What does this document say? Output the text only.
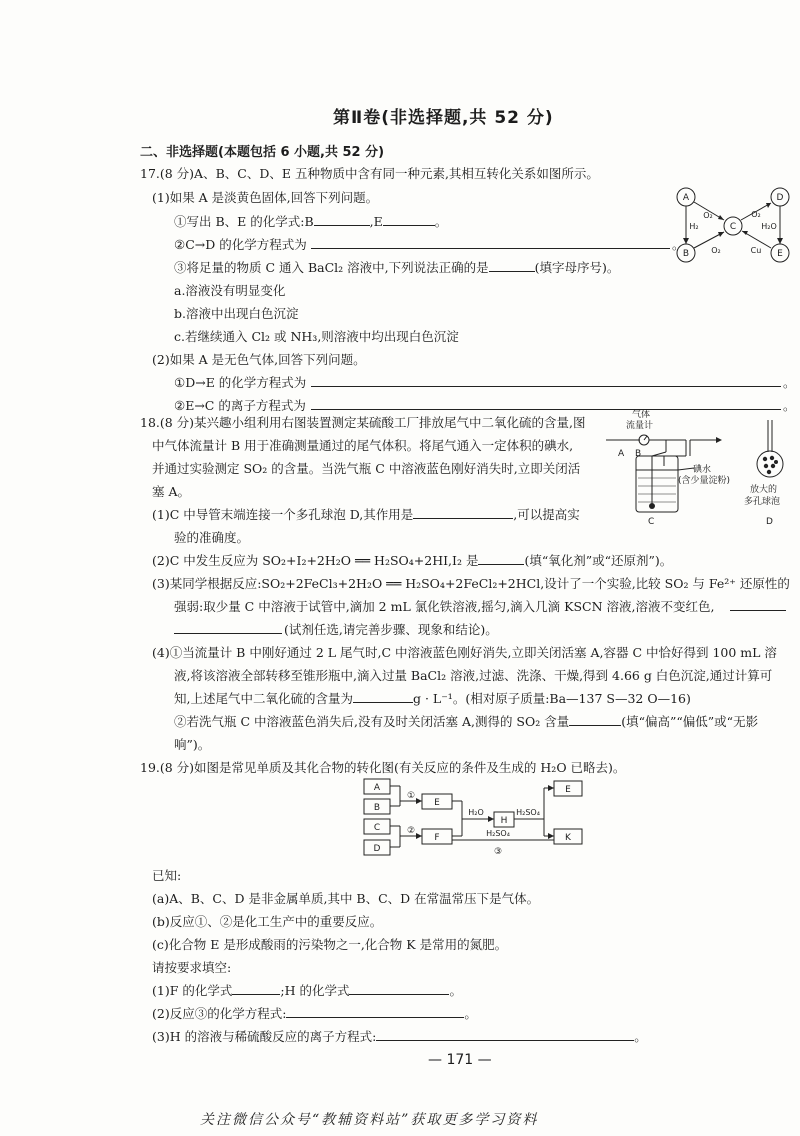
第Ⅱ卷(非选择题,共 52 分)
二、非选择题(本题包括 6 小题,共 52 分)
17.(8 分)A、B、C、D、E 五种物质中含有同一种元素,其相互转化关系如图所示。
(1)如果 A 是淡黄色固体,回答下列问题。
①写出 B、E 的化学式:B	,E	。
②C→D 的化学方程式为	。
③将足量的物质 C 通入 BaCl₂ 溶液中,下列说法正确的是	(填字母序号)。
a.溶液没有明显变化
b.溶液中出现白色沉淀
c.若继续通入 Cl₂ 或 NH₃,则溶液中均出现白色沉淀
(2)如果 A 是无色气体,回答下列问题。
①D→E 的化学方程式为	。
②E→C 的离子方程式为	。
A
B
C
D
E
O₂
H₂
O₂
O₂
H₂O
Cu
18.(8 分)某兴趣小组利用右图装置测定某硫酸工厂排放尾气中二氧化硫的含量,图
中气体流量计 B 用于准确测量通过的尾气体积。将尾气通入一定体积的碘水,
并通过实验测定 SO₂ 的含量。当洗气瓶 C 中溶液蓝色刚好消失时,立即关闭活
塞 A。
(1)C 中导管末端连接一个多孔球泡 D,其作用是	,可以提高实
验的准确度。
(2)C 中发生反应为 SO₂+I₂+2H₂O ══ H₂SO₄+2HI,I₂ 是	(填“氧化剂”或“还原剂”)。
(3)某同学根据反应:SO₂+2FeCl₃+2H₂O ══ H₂SO₄+2FeCl₂+2HCl,设计了一个实验,比较 SO₂ 与 Fe²⁺ 还原性的
强弱:取少量 C 中溶液于试管中,滴加 2 mL 氯化铁溶液,摇匀,滴入几滴 KSCN 溶液,溶液不变红色,
(试剂任选,请完善步骤、现象和结论)。
(4)①当流量计 B 中刚好通过 2 L 尾气时,C 中溶液蓝色刚好消失,立即关闭活塞 A,容器 C 中恰好得到 100 mL 溶
液,将该溶液全部转移至锥形瓶中,滴入过量 BaCl₂ 溶液,过滤、洗涤、干燥,得到 4.66 g 白色沉淀,通过计算可
知,上述尾气中二氧化硫的含量为	g · L⁻¹。(相对原子质量:Ba—137 S—32 O—16)
②若洗气瓶 C 中溶液蓝色消失后,没有及时关闭活塞 A,测得的 SO₂ 含量	(填“偏高”“偏低”或“无影
响”)。
气体
流量计
A B
碘水
(含少量淀粉)
放大的
多孔球泡
C	D
19.(8 分)如图是常见单质及其化合物的转化图(有关反应的条件及生成的 H₂O 已略去)。
A
B
C
D
E
H
F
E
K
①
②
③
H₂O	H₂SO₄
H₂SO₄
已知:
(a)A、B、C、D 是非金属单质,其中 B、C、D 在常温常压下是气体。
(b)反应①、②是化工生产中的重要反应。
(c)化合物 E 是形成酸雨的污染物之一,化合物 K 是常用的氮肥。
请按要求填空:
(1)F 的化学式	;H 的化学式	。
(2)反应③的化学方程式:	。
(3)H 的溶液与稀硫酸反应的离子方程式:	。
— 171 —
关注微信公众号“教辅资料站”获取更多学习资料
